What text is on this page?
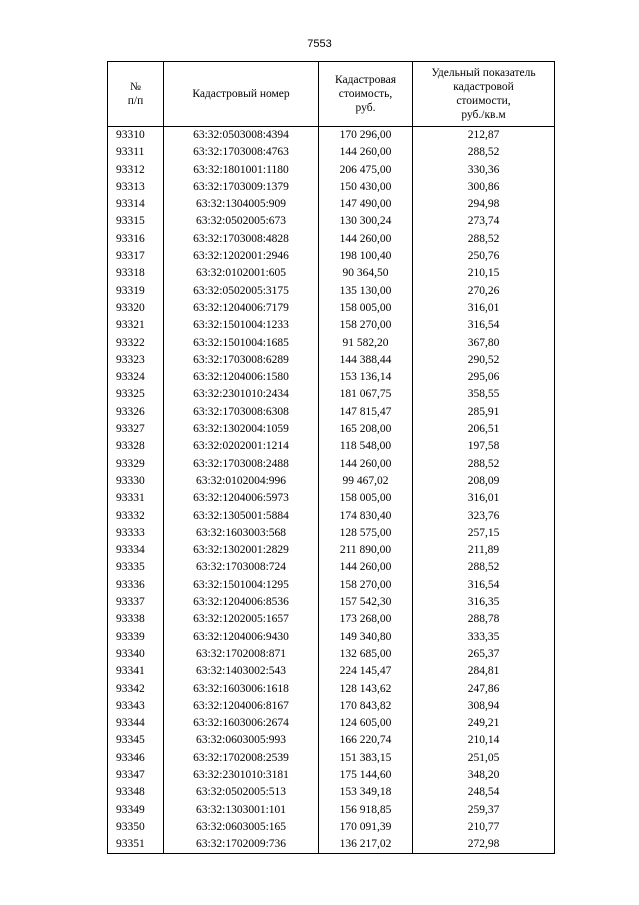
7553
№
п/п	Кадастровый номер	Кадастровая
стоимость,
руб.	Удельный показатель
кадастровой
стоимости,
руб./кв.м
93310	63:32:0503008:4394	170 296,00	212,87
93311	63:32:1703008:4763	144 260,00	288,52
93312	63:32:1801001:1180	206 475,00	330,36
93313	63:32:1703009:1379	150 430,00	300,86
93314	63:32:1304005:909	147 490,00	294,98
93315	63:32:0502005:673	130 300,24	273,74
93316	63:32:1703008:4828	144 260,00	288,52
93317	63:32:1202001:2946	198 100,40	250,76
93318	63:32:0102001:605	90 364,50	210,15
93319	63:32:0502005:3175	135 130,00	270,26
93320	63:32:1204006:7179	158 005,00	316,01
93321	63:32:1501004:1233	158 270,00	316,54
93322	63:32:1501004:1685	91 582,20	367,80
93323	63:32:1703008:6289	144 388,44	290,52
93324	63:32:1204006:1580	153 136,14	295,06
93325	63:32:2301010:2434	181 067,75	358,55
93326	63:32:1703008:6308	147 815,47	285,91
93327	63:32:1302004:1059	165 208,00	206,51
93328	63:32:0202001:1214	118 548,00	197,58
93329	63:32:1703008:2488	144 260,00	288,52
93330	63:32:0102004:996	99 467,02	208,09
93331	63:32:1204006:5973	158 005,00	316,01
93332	63:32:1305001:5884	174 830,40	323,76
93333	63:32:1603003:568	128 575,00	257,15
93334	63:32:1302001:2829	211 890,00	211,89
93335	63:32:1703008:724	144 260,00	288,52
93336	63:32:1501004:1295	158 270,00	316,54
93337	63:32:1204006:8536	157 542,30	316,35
93338	63:32:1202005:1657	173 268,00	288,78
93339	63:32:1204006:9430	149 340,80	333,35
93340	63:32:1702008:871	132 685,00	265,37
93341	63:32:1403002:543	224 145,47	284,81
93342	63:32:1603006:1618	128 143,62	247,86
93343	63:32:1204006:8167	170 843,82	308,94
93344	63:32:1603006:2674	124 605,00	249,21
93345	63:32:0603005:993	166 220,74	210,14
93346	63:32:1702008:2539	151 383,15	251,05
93347	63:32:2301010:3181	175 144,60	348,20
93348	63:32:0502005:513	153 349,18	248,54
93349	63:32:1303001:101	156 918,85	259,37
93350	63:32:0603005:165	170 091,39	210,77
93351	63:32:1702009:736	136 217,02	272,98
